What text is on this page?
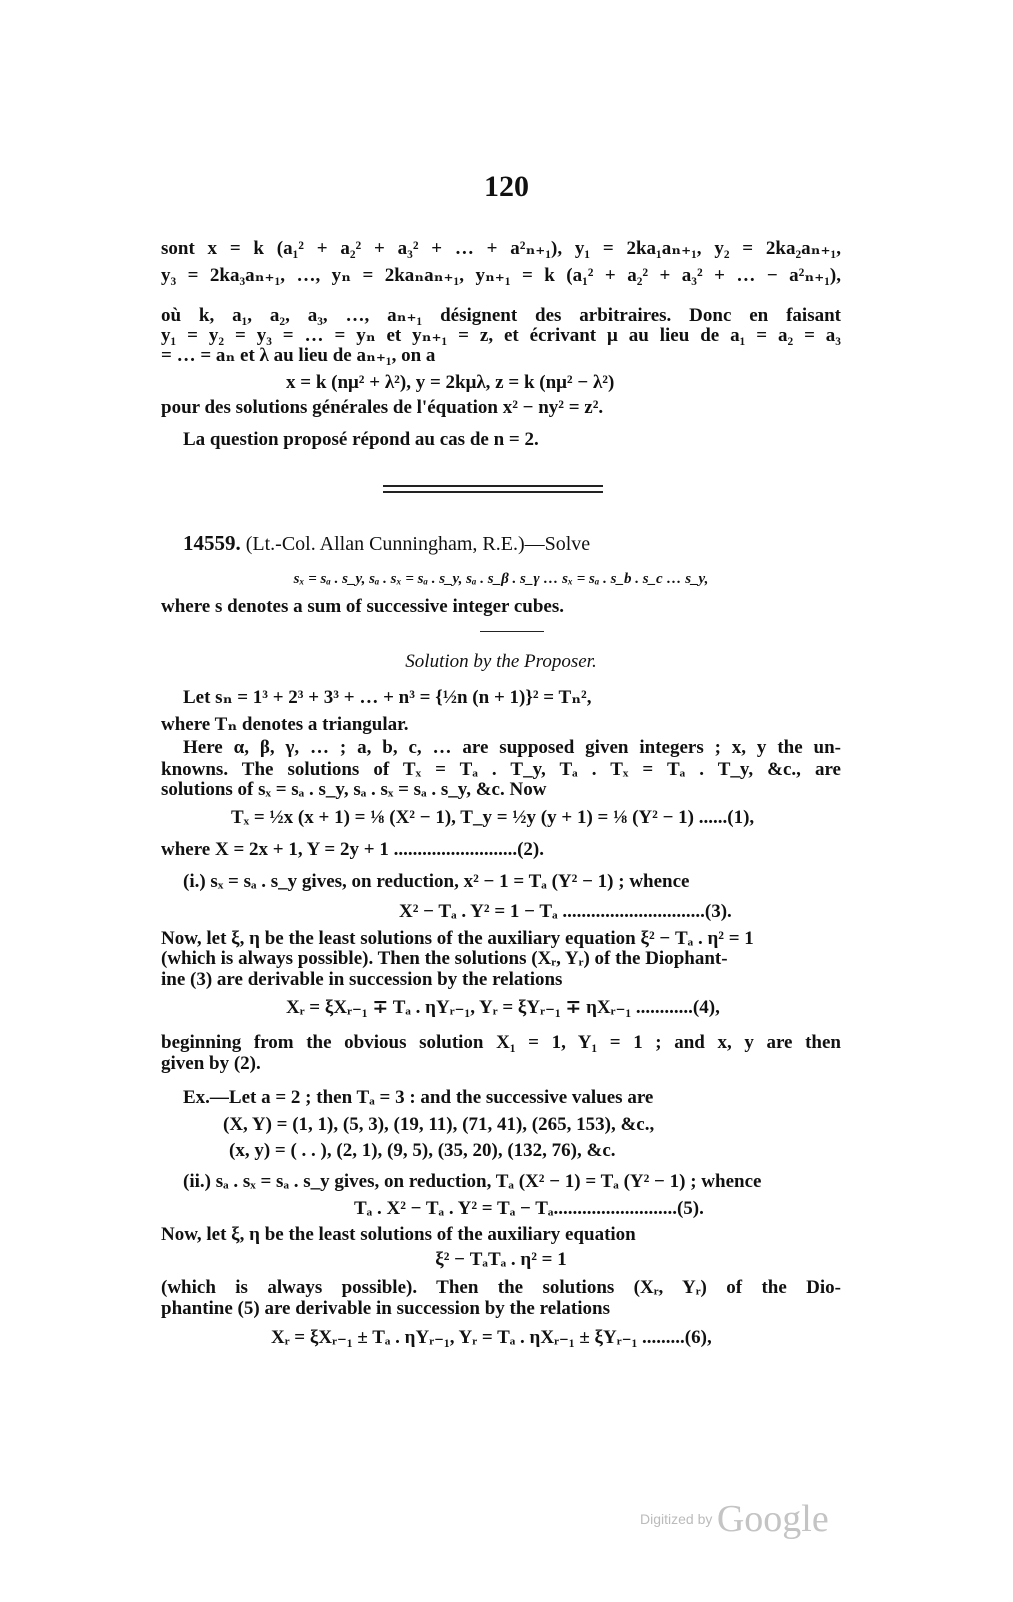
120
sont x = k (a₁² + a₂² + a₃² + … + a²ₙ₊₁), y₁ = 2ka₁aₙ₊₁, y₂ = 2ka₂aₙ₊₁,
y₃ = 2ka₃aₙ₊₁, …, yₙ = 2kaₙaₙ₊₁, yₙ₊₁ = k (a₁² + a₂² + a₃² + … − a²ₙ₊₁),
où k, a₁, a₂, a₃, …, aₙ₊₁ désignent des arbitraires. Donc en faisant
y₁ = y₂ = y₃ = … = yₙ et yₙ₊₁ = z, et écrivant μ au lieu de a₁ = a₂ = a₃
= … = aₙ et λ au lieu de aₙ₊₁, on a
x = k (nμ² + λ²), y = 2kμλ, z = k (nμ² − λ²)
pour des solutions générales de l'équation x² − ny² = z².
La question proposé répond au cas de n = 2.
14559. (Lt.-Col. Allan Cunningham, R.E.)—Solve
sₓ = sₐ . s_y, sₐ . sₓ = sₐ . s_y, sₐ . s_β . s_γ … sₓ = sₐ . s_b . s_c … s_y,
where s denotes a sum of successive integer cubes.
Solution by the Proposer.
Let sₙ = 1³ + 2³ + 3³ + … + n³ = {½n (n + 1)}² = Tₙ²,
where Tₙ denotes a triangular.
Here α, β, γ, … ; a, b, c, … are supposed given integers ; x, y the un-
knowns. The solutions of Tₓ = Tₐ . T_y, Tₐ . Tₓ = Tₐ . T_y, &c., are
solutions of sₓ = sₐ . s_y, sₐ . sₓ = sₐ . s_y, &c. Now
Tₓ = ½x (x + 1) = ⅛ (X² − 1), T_y = ½y (y + 1) = ⅛ (Y² − 1) ......(1),
where X = 2x + 1, Y = 2y + 1 ..........................(2).
(i.) sₓ = sₐ . s_y gives, on reduction, x² − 1 = Tₐ (Y² − 1) ; whence
X² − Tₐ . Y² = 1 − Tₐ ..............................(3).
Now, let ξ, η be the least solutions of the auxiliary equation ξ² − Tₐ . η² = 1
(which is always possible). Then the solutions (Xᵣ, Yᵣ) of the Diophant-
ine (3) are derivable in succession by the relations
Xᵣ = ξXᵣ₋₁ ∓ Tₐ . ηYᵣ₋₁, Yᵣ = ξYᵣ₋₁ ∓ ηXᵣ₋₁ ............(4),
beginning from the obvious solution X₁ = 1, Y₁ = 1 ; and x, y are then
given by (2).
Ex.—Let a = 2 ; then Tₐ = 3 : and the successive values are
(X, Y) = (1, 1), (5, 3), (19, 11), (71, 41), (265, 153), &c.,
(x, y) = ( . . ), (2, 1), (9, 5), (35, 20), (132, 76), &c.
(ii.) sₐ . sₓ = sₐ . s_y gives, on reduction, Tₐ (X² − 1) = Tₐ (Y² − 1) ; whence
Tₐ . X² − Tₐ . Y² = Tₐ − Tₐ..........................(5).
Now, let ξ, η be the least solutions of the auxiliary equation
ξ² − TₐTₐ . η² = 1
(which is always possible). Then the solutions (Xᵣ, Yᵣ) of the Dio-
phantine (5) are derivable in succession by the relations
Xᵣ = ξXᵣ₋₁ ± Tₐ . ηYᵣ₋₁, Yᵣ = Tₐ . ηXᵣ₋₁ ± ξYᵣ₋₁ .........(6),
Digitized by Google
